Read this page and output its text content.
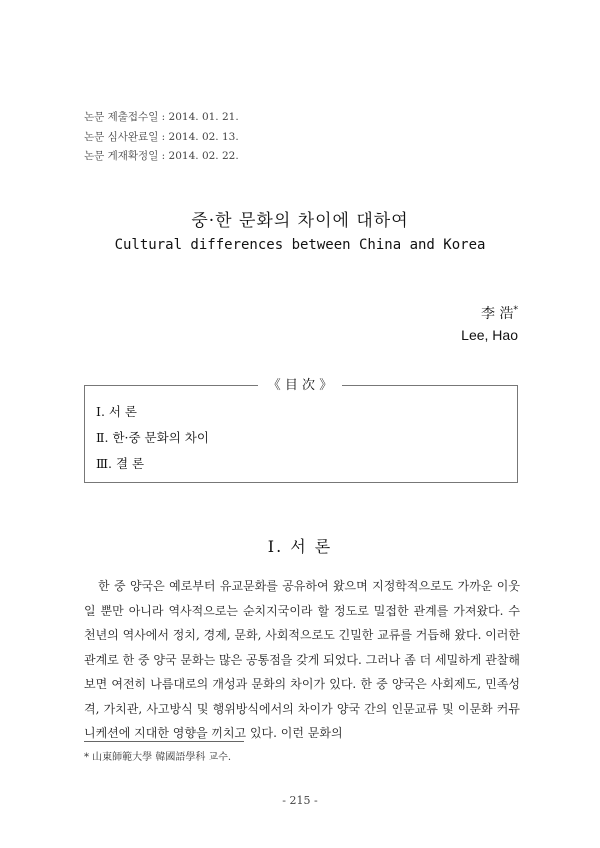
논문 제출접수일 : 2014. 01. 21.
논문 심사완료일 : 2014. 02. 13.
논문 게재확정일 : 2014. 02. 22.
중·한 문화의 차이에 대하여
Cultural differences between China and Korea
李 浩*
Lee, Hao
《 目 次 》
Ⅰ. 서 론
Ⅱ. 한·중 문화의 차이
Ⅲ. 결 론
Ⅰ. 서 론
한 중 양국은 예로부터 유교문화를 공유하여 왔으며 지정학적으로도 가까운 이웃일 뿐만 아니라 역사적으로는 순치지국이라 할 정도로 밀접한 관계를 가져왔다. 수천년의 역사에서 정치, 경제, 문화, 사회적으로도 긴밀한 교류를 거듭해 왔다. 이러한 관계로 한 중 양국 문화는 많은 공통점을 갖게 되었다. 그러나 좀 더 세밀하게 관찰해 보면 여전히 나름대로의 개성과 문화의 차이가 있다. 한 중 양국은 사회제도, 민족성격, 가치관, 사고방식 및 행위방식에서의 차이가 양국 간의 인문교류 및 이문화 커뮤니케션에 지대한 영향을 끼치고 있다. 이런 문화의
* 山東師範大學 韓國語學科 교수.
- 215 -
